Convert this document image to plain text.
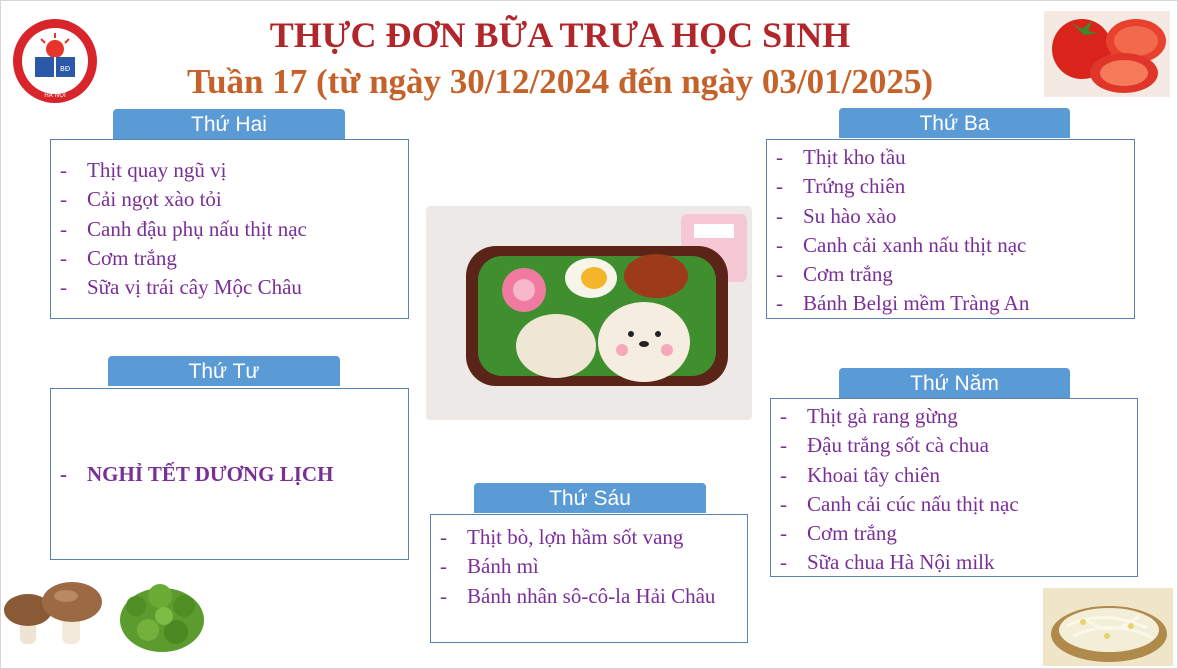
BĐ
HÀ NỘI
THỰC ĐƠN BỮA TRƯA HỌC SINH
Tuần 17 (từ ngày 30/12/2024 đến ngày 03/01/2025)
Thứ Hai
- Thịt quay ngũ vị
- Cải ngọt xào tỏi
- Canh đậu phụ nấu thịt nạc
- Cơm trắng
- Sữa vị trái cây Mộc Châu
Thứ Ba
- Thịt kho tầu
- Trứng chiên
- Su hào xào
- Canh cải xanh nấu thịt nạc
- Cơm trắng
- Bánh Belgi mềm Tràng An
Thứ Tư
- NGHỈ TẾT DƯƠNG LỊCH
Thứ Năm
- Thịt gà rang gừng
- Đậu trắng sốt cà chua
- Khoai tây chiên
- Canh cải cúc nấu thịt nạc
- Cơm trắng
- Sữa chua Hà Nội milk
Thứ Sáu
- Thịt bò, lợn hầm sốt vang
- Bánh mì
- Bánh nhân sô-cô-la Hải Châu
